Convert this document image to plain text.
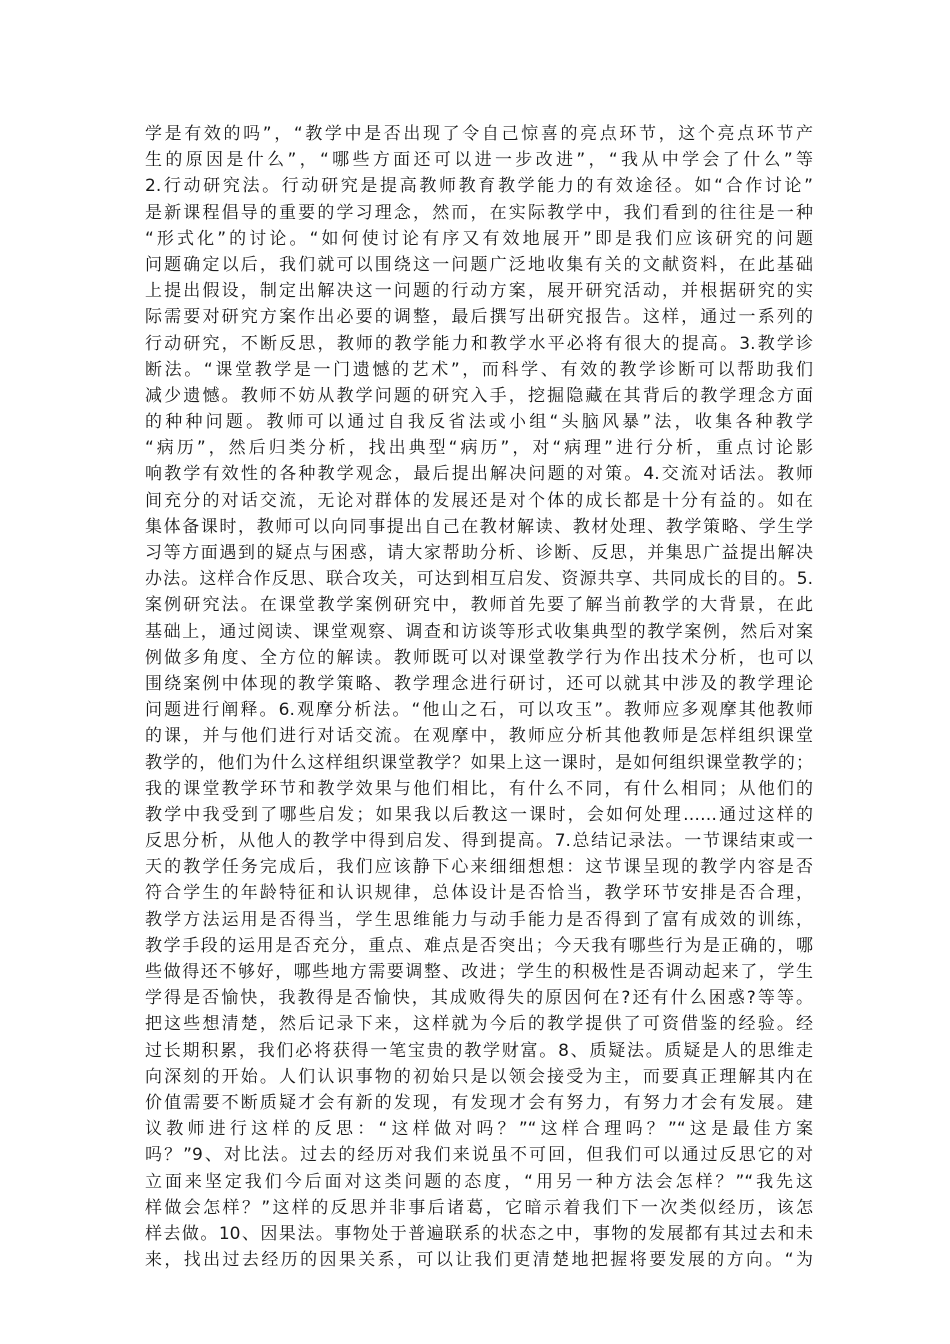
学是有效的吗”，“教学中是否出现了令自己惊喜的亮点环节，这个亮点环节产
生的原因是什么”，“哪些方面还可以进一步改进”，“我从中学会了什么”等
2.行动研究法。行动研究是提高教师教育教学能力的有效途径。如“合作讨论”
是新课程倡导的重要的学习理念，然而，在实际教学中，我们看到的往往是一种
“形式化”的讨论。“如何使讨论有序又有效地展开”即是我们应该研究的问题
问题确定以后，我们就可以围绕这一问题广泛地收集有关的文献资料，在此基础
上提出假设，制定出解决这一问题的行动方案，展开研究活动，并根据研究的实
际需要对研究方案作出必要的调整，最后撰写出研究报告。这样，通过一系列的
行动研究，不断反思，教师的教学能力和教学水平必将有很大的提高。3.教学诊
断法。“课堂教学是一门遗憾的艺术”，而科学、有效的教学诊断可以帮助我们
减少遗憾。教师不妨从教学问题的研究入手，挖掘隐藏在其背后的教学理念方面
的种种问题。教师可以通过自我反省法或小组“头脑风暴”法，收集各种教学
“病历”，然后归类分析，找出典型“病历”，对“病理”进行分析，重点讨论影
响教学有效性的各种教学观念，最后提出解决问题的对策。4.交流对话法。教师
间充分的对话交流，无论对群体的发展还是对个体的成长都是十分有益的。如在
集体备课时，教师可以向同事提出自己在教材解读、教材处理、教学策略、学生学
习等方面遇到的疑点与困惑，请大家帮助分析、诊断、反思，并集思广益提出解决
办法。这样合作反思、联合攻关，可达到相互启发、资源共享、共同成长的目的。5.
案例研究法。在课堂教学案例研究中，教师首先要了解当前教学的大背景，在此
基础上，通过阅读、课堂观察、调查和访谈等形式收集典型的教学案例，然后对案
例做多角度、全方位的解读。教师既可以对课堂教学行为作出技术分析，也可以
围绕案例中体现的教学策略、教学理念进行研讨，还可以就其中涉及的教学理论
问题进行阐释。6.观摩分析法。“他山之石，可以攻玉”。教师应多观摩其他教师
的课，并与他们进行对话交流。在观摩中，教师应分析其他教师是怎样组织课堂
教学的，他们为什么这样组织课堂教学？如果上这一课时，是如何组织课堂教学的；
我的课堂教学环节和教学效果与他们相比，有什么不同，有什么相同；从他们的
教学中我受到了哪些启发；如果我以后教这一课时，会如何处理……通过这样的
反思分析，从他人的教学中得到启发、得到提高。7.总结记录法。一节课结束或一
天的教学任务完成后，我们应该静下心来细细想想：这节课呈现的教学内容是否
符合学生的年龄特征和认识规律，总体设计是否恰当，教学环节安排是否合理，
教学方法运用是否得当，学生思维能力与动手能力是否得到了富有成效的训练，
教学手段的运用是否充分，重点、难点是否突出；今天我有哪些行为是正确的，哪
些做得还不够好，哪些地方需要调整、改进；学生的积极性是否调动起来了，学生
学得是否愉快，我教得是否愉快，其成败得失的原因何在?还有什么困惑?等等。
把这些想清楚，然后记录下来，这样就为今后的教学提供了可资借鉴的经验。经
过长期积累，我们必将获得一笔宝贵的教学财富。8、质疑法。质疑是人的思维走
向深刻的开始。人们认识事物的初始只是以领会接受为主，而要真正理解其内在
价值需要不断质疑才会有新的发现，有发现才会有努力，有努力才会有发展。建
议教师进行这样的反思：“这样做对吗？”“这样合理吗？”“这是最佳方案
吗？”9、对比法。过去的经历对我们来说虽不可回，但我们可以通过反思它的对
立面来坚定我们今后面对这类问题的态度，“用另一种方法会怎样？”“我先这
样做会怎样？”这样的反思并非事后诸葛，它暗示着我们下一次类似经历，该怎
样去做。10、因果法。事物处于普遍联系的状态之中，事物的发展都有其过去和未
来，找出过去经历的因果关系，可以让我们更清楚地把握将要发展的方向。“为
